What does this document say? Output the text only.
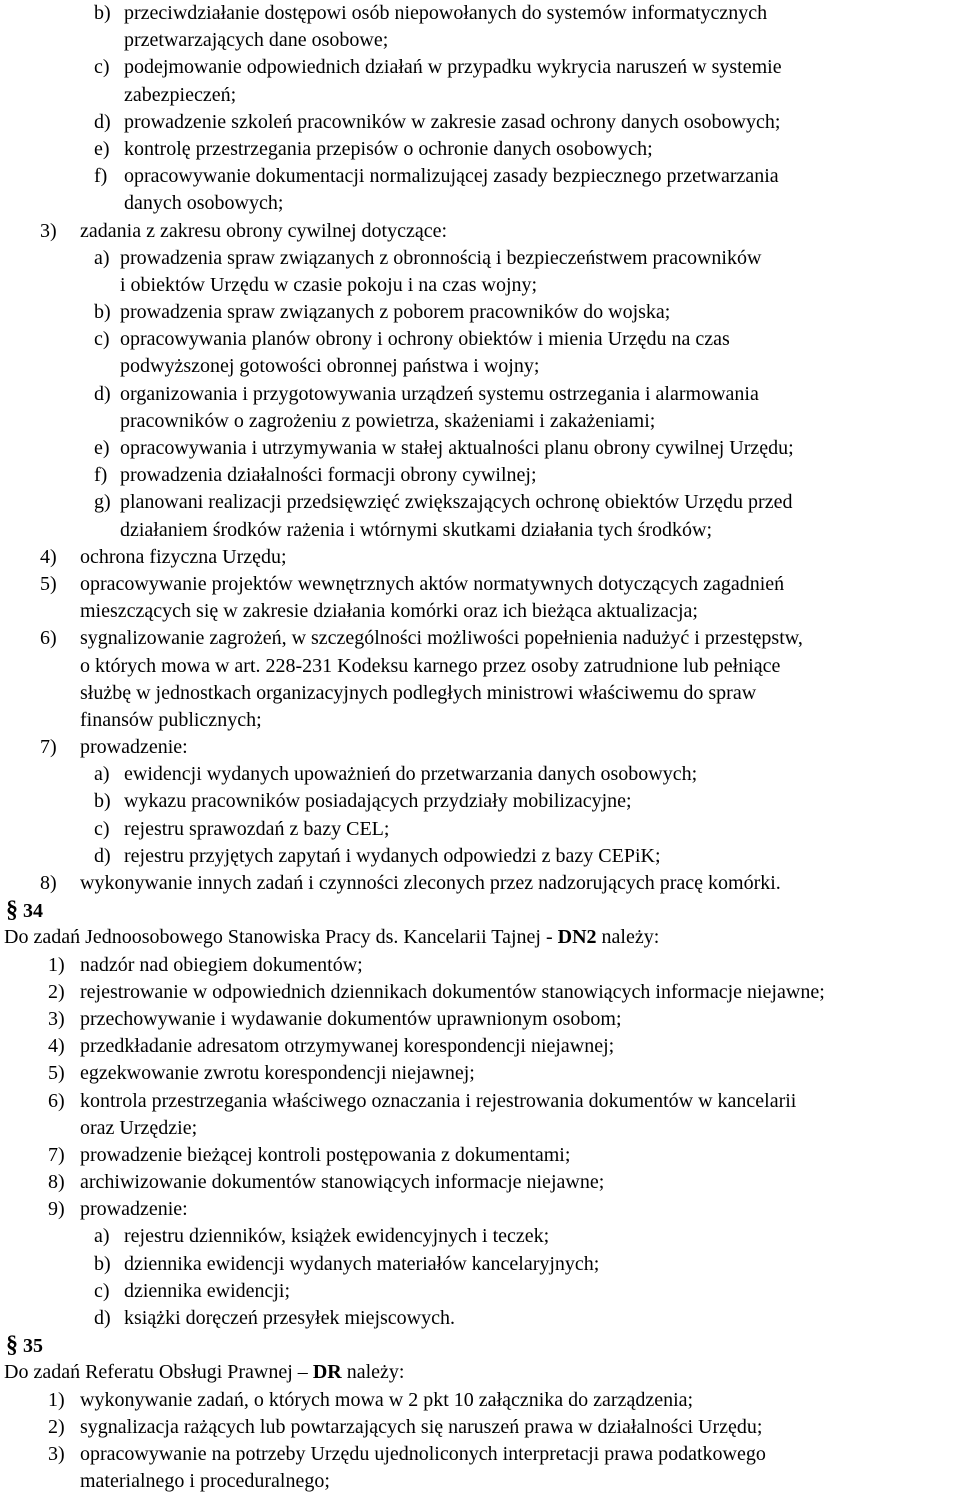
b) przeciwdziałanie dostępowi osób niepowołanych do systemów informatycznych
przetwarzających dane osobowe;
c) podejmowanie odpowiednich działań w przypadku wykrycia naruszeń w systemie
zabezpieczeń;
d) prowadzenie szkoleń pracowników w zakresie zasad ochrony danych osobowych;
e) kontrolę przestrzegania przepisów o ochronie danych osobowych;
f) opracowywanie dokumentacji normalizującej zasady bezpiecznego przetwarzania
danych osobowych;
3) zadania z zakresu obrony cywilnej dotyczące:
a) prowadzenia spraw związanych z obronnością i bezpieczeństwem pracowników
i obiektów Urzędu w czasie pokoju i na czas wojny;
b) prowadzenia spraw związanych z poborem pracowników do wojska;
c) opracowywania planów obrony i ochrony obiektów i mienia Urzędu na czas
podwyższonej gotowości obronnej państwa i wojny;
d) organizowania i przygotowywania urządzeń systemu ostrzegania i alarmowania
pracowników o zagrożeniu z powietrza, skażeniami i zakażeniami;
e) opracowywania i utrzymywania w stałej aktualności planu obrony cywilnej Urzędu;
f) prowadzenia działalności formacji obrony cywilnej;
g) planowani realizacji przedsięwzięć zwiększających ochronę obiektów Urzędu przed
działaniem środków rażenia i wtórnymi skutkami działania tych środków;
4) ochrona fizyczna Urzędu;
5) opracowywanie projektów wewnętrznych aktów normatywnych dotyczących zagadnień
mieszczących się w zakresie działania komórki oraz ich bieżąca aktualizacja;
6) sygnalizowanie zagrożeń, w szczególności możliwości popełnienia nadużyć i przestępstw,
o których mowa w art. 228-231 Kodeksu karnego przez osoby zatrudnione lub pełniące
służbę w jednostkach organizacyjnych podległych ministrowi właściwemu do spraw
finansów publicznych;
7) prowadzenie:
a) ewidencji wydanych upoważnień do przetwarzania danych osobowych;
b) wykazu pracowników posiadających przydziały mobilizacyjne;
c) rejestru sprawozdań z bazy CEL;
d) rejestru przyjętych zapytań i wydanych odpowiedzi z bazy CEPiK;
8) wykonywanie innych zadań i czynności zleconych przez nadzorujących pracę komórki.
§ 34
Do zadań Jednoosobowego Stanowiska Pracy ds. Kancelarii Tajnej - DN2 należy:
1) nadzór nad obiegiem dokumentów;
2) rejestrowanie w odpowiednich dziennikach dokumentów stanowiących informacje niejawne;
3) przechowywanie i wydawanie dokumentów uprawnionym osobom;
4) przedkładanie adresatom otrzymywanej korespondencji niejawnej;
5) egzekwowanie zwrotu korespondencji niejawnej;
6) kontrola przestrzegania właściwego oznaczania i rejestrowania dokumentów w kancelarii
oraz Urzędzie;
7) prowadzenie bieżącej kontroli postępowania z dokumentami;
8) archiwizowanie dokumentów stanowiących informacje niejawne;
9) prowadzenie:
a) rejestru dzienników, książek ewidencyjnych i teczek;
b) dziennika ewidencji wydanych materiałów kancelaryjnych;
c) dziennika ewidencji;
d) książki doręczeń przesyłek miejscowych.
§ 35
Do zadań Referatu Obsługi Prawnej – DR należy:
1) wykonywanie zadań, o których mowa w 2 pkt 10 załącznika do zarządzenia;
2) sygnalizacja rażących lub powtarzających się naruszeń prawa w działalności Urzędu;
3) opracowywanie na potrzeby Urzędu ujednoliconych interpretacji prawa podatkowego
materialnego i proceduralnego;
